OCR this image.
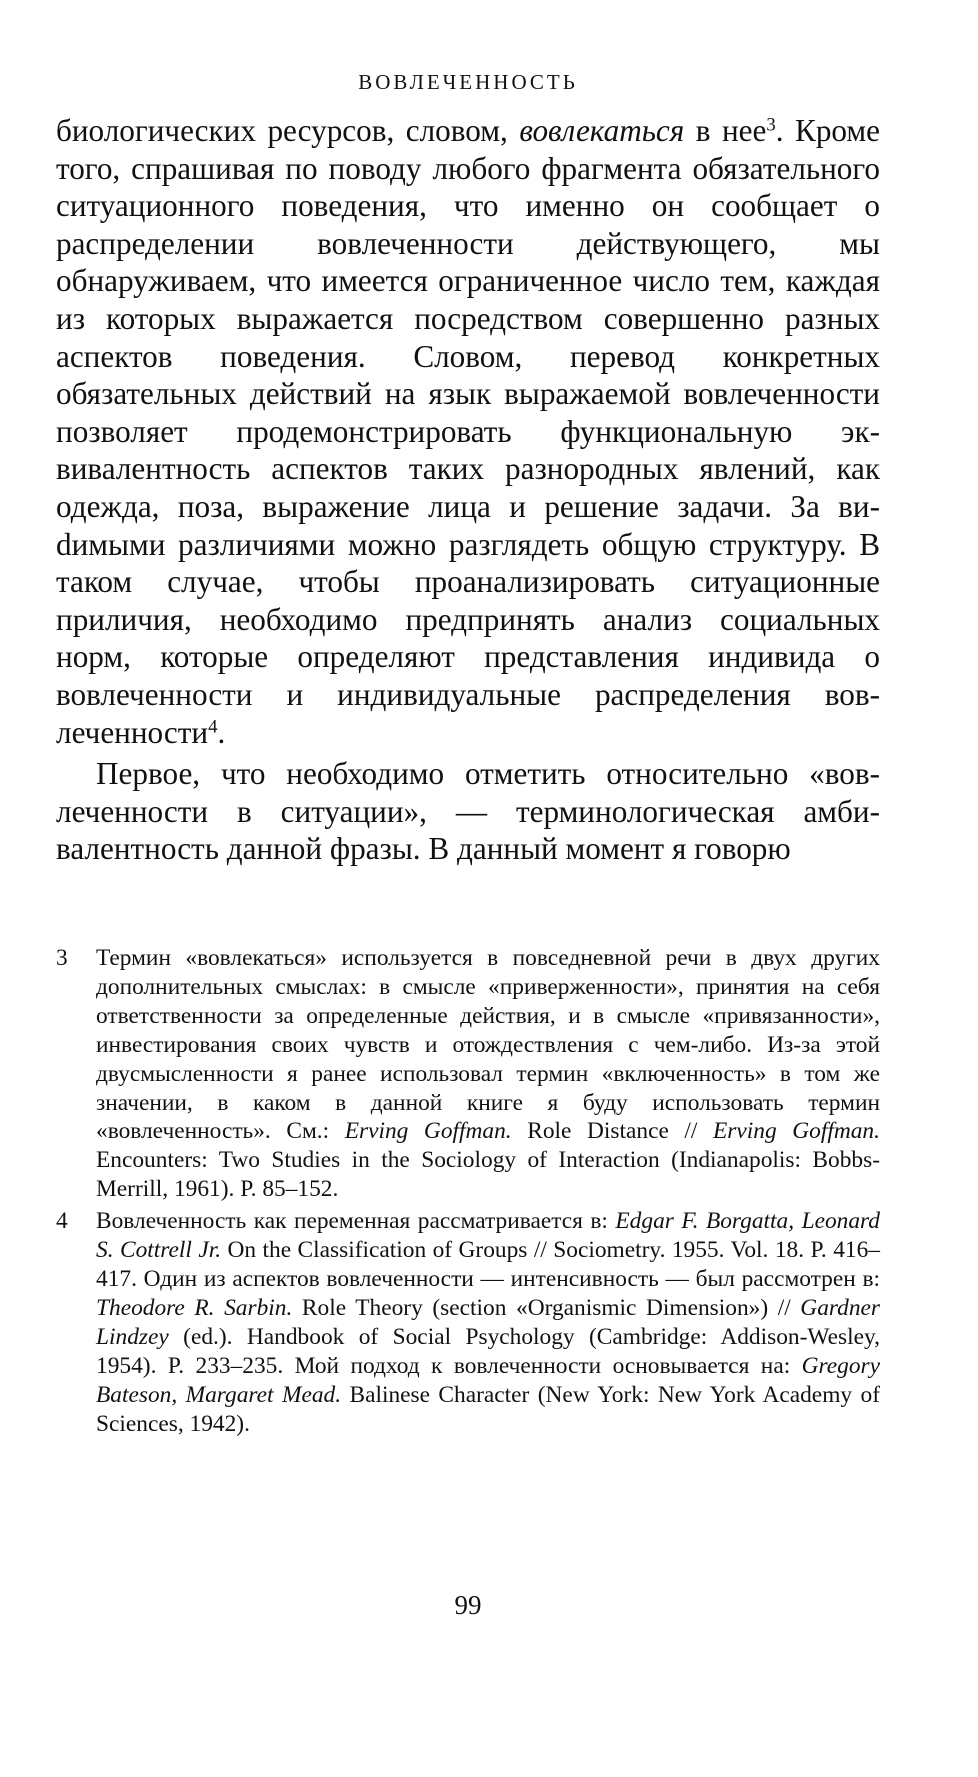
ВОВЛЕЧЕННОСТЬ

биологических ресурсов, словом, вовлекаться в нее$^3$. Кроме того, спрашивая по поводу любого фрагмента обязательного ситуационного поведения, что именно он сообщает о распределении вовлеченности действующего, мы обнаруживаем, что имеется ограниченное число тем, каждая из которых выражается посредством совершенно разных аспектов поведения. Словом, перевод конкретных обязательных действий на язык выражаемой вовлеченности позволяет продемонстрировать функциональную эквивалентность аспектов таких разнородных явлений, как одежда, поза, выражение лица и решение задачи. За виdимыми различиями можно разглядеть общую структуру. В таком случае, чтобы проанализировать ситуационные приличия, необходимо предпринять анализ социальных норм, которые определяют представления индивида о вовлеченности и индивидуальные распределения вовлеченности$^4$.

Первое, что необходимо отметить относительно «вовлеченности в ситуации», — терминологическая амбивалентность данной фразы. В данный момент я говорю

3 Термин «вовлекаться» используется в повседневной речи в двух других дополнительных смыслах: в смысле «приверженности», принятия на себя ответственности за определенные действия, и в смысле «привязанности», инвестирования своих чувств и отождествления с чем-либо. Из-за этой двусмысленности я ранее использовал термин «включенность» в том же значении, в каком в данной книге я буду использовать термин «вовлеченность». См.: Erving Goffman. Role Distance // Erving Goffman. Encounters: Two Studies in the Sociology of Interaction (Indianapolis: Bobbs-Merrill, 1961). P. 85–152.

4 Вовлеченность как переменная рассматривается в: Edgar F. Borgatta, Leonard S. Cottrell Jr. On the Classification of Groups // Sociometry. 1955. Vol. 18. P. 416–417. Один из аспектов вовлеченности — интенсивность — был рассмотрен в: Theodore R. Sarbin. Role Theory (section «Organismic Dimension») // Gardner Lindzey (ed.). Handbook of Social Psychology (Cambridge: Addison-Wesley, 1954). P. 233–235. Мой подход к вовлеченности основывается на: Gregory Bateson, Margaret Mead. Balinese Character (New York: New York Academy of Sciences, 1942).

99
